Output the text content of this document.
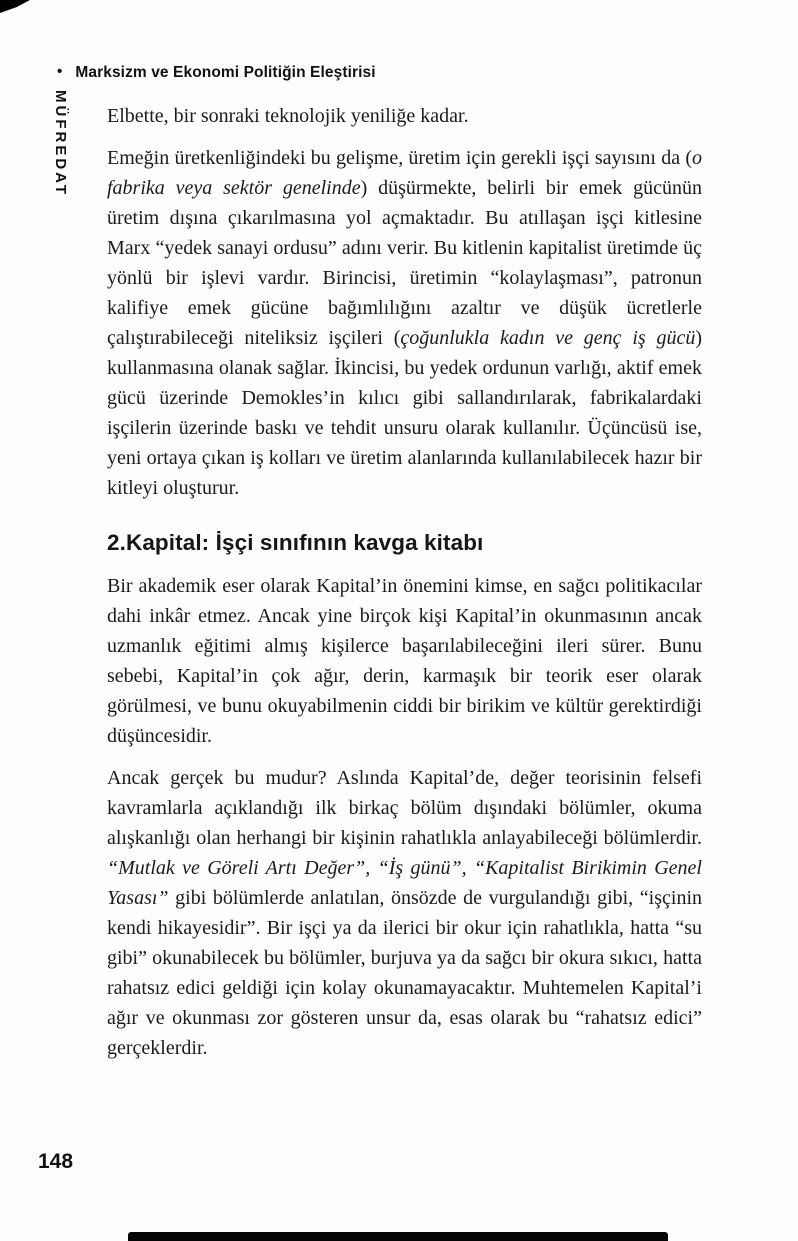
• Marksizm ve Ekonomi Politiğin Eleştirisi
MÜFREDAT Elbette, bir sonraki teknolojik yeniliğe kadar.

Emeğin üretkenliğindeki bu gelişme, üretim için gerekli işçi sayısını da (o fabrika veya sektör genelinde) düşürmekte, belirli bir emek gücünün üretim dışına çıkarılmasına yol açmaktadır. Bu atıllaşan işçi kitlesine Marx “yedek sanayi ordusu” adını verir. Bu kitlenin kapitalist üretimde üç yönlü bir işlevi vardır. Birincisi, üretimin “kolaylaşması”, patronun kalifiye emek gücüne bağımlılığını azaltır ve düşük ücretlerle çalıştırabileceği niteliksiz işçileri (çoğunlukla kadın ve genç iş gücü) kullanmasına olanak sağlar. İkincisi, bu yedek ordunun varlığı, aktif emek gücü üzerinde Demokles’in kılıcı gibi sallandırılarak, fabrikalardaki işçilerin üzerinde baskı ve tehdit unsuru olarak kullanılır. Üçüncüsü ise, yeni ortaya çıkan iş kolları ve üretim alanlarında kullanılabilecek hazır bir kitleyi oluşturur.

2.Kapital: İşçi sınıfının kavga kitabı

Bir akademik eser olarak Kapital’in önemini kimse, en sağcı politikacılar dahi inkâr etmez. Ancak yine birçok kişi Kapital’in okunmasının ancak uzmanlık eğitimi almış kişilerce başarılabileceğini ileri sürer. Bunu sebebi, Kapital’in çok ağır, derin, karmaşık bir teorik eser olarak görülmesi, ve bunu okuyabilmenin ciddi bir birikim ve kültür gerektirdiği düşüncesidir.

Ancak gerçek bu mudur? Aslında Kapital’de, değer teorisinin felsefi kavramlarla açıklandığı ilk birkaç bölüm dışındaki bölümler, okuma alışkanlığı olan herhangi bir kişinin rahatlıkla anlayabileceği bölümlerdir. “Mutlak ve Göreli Artı Değer”, “İş günü”, “Kapitalist Birikimin Genel Yasası” gibi bölümlerde anlatılan, önsözde de vurgulandığı gibi, “işçinin kendi hikayesidir”. Bir işçi ya da ilerici bir okur için rahatlıkla, hatta “su gibi” okunabilecek bu bölümler, burjuva ya da sağcı bir okura sıkıcı, hatta rahatsız edici geldiği için kolay okunamayacaktır. Muhtemelen Kapital’i ağır ve okunması zor gösteren unsur da, esas olarak bu “rahatsız edici” gerçeklerdir.

148
